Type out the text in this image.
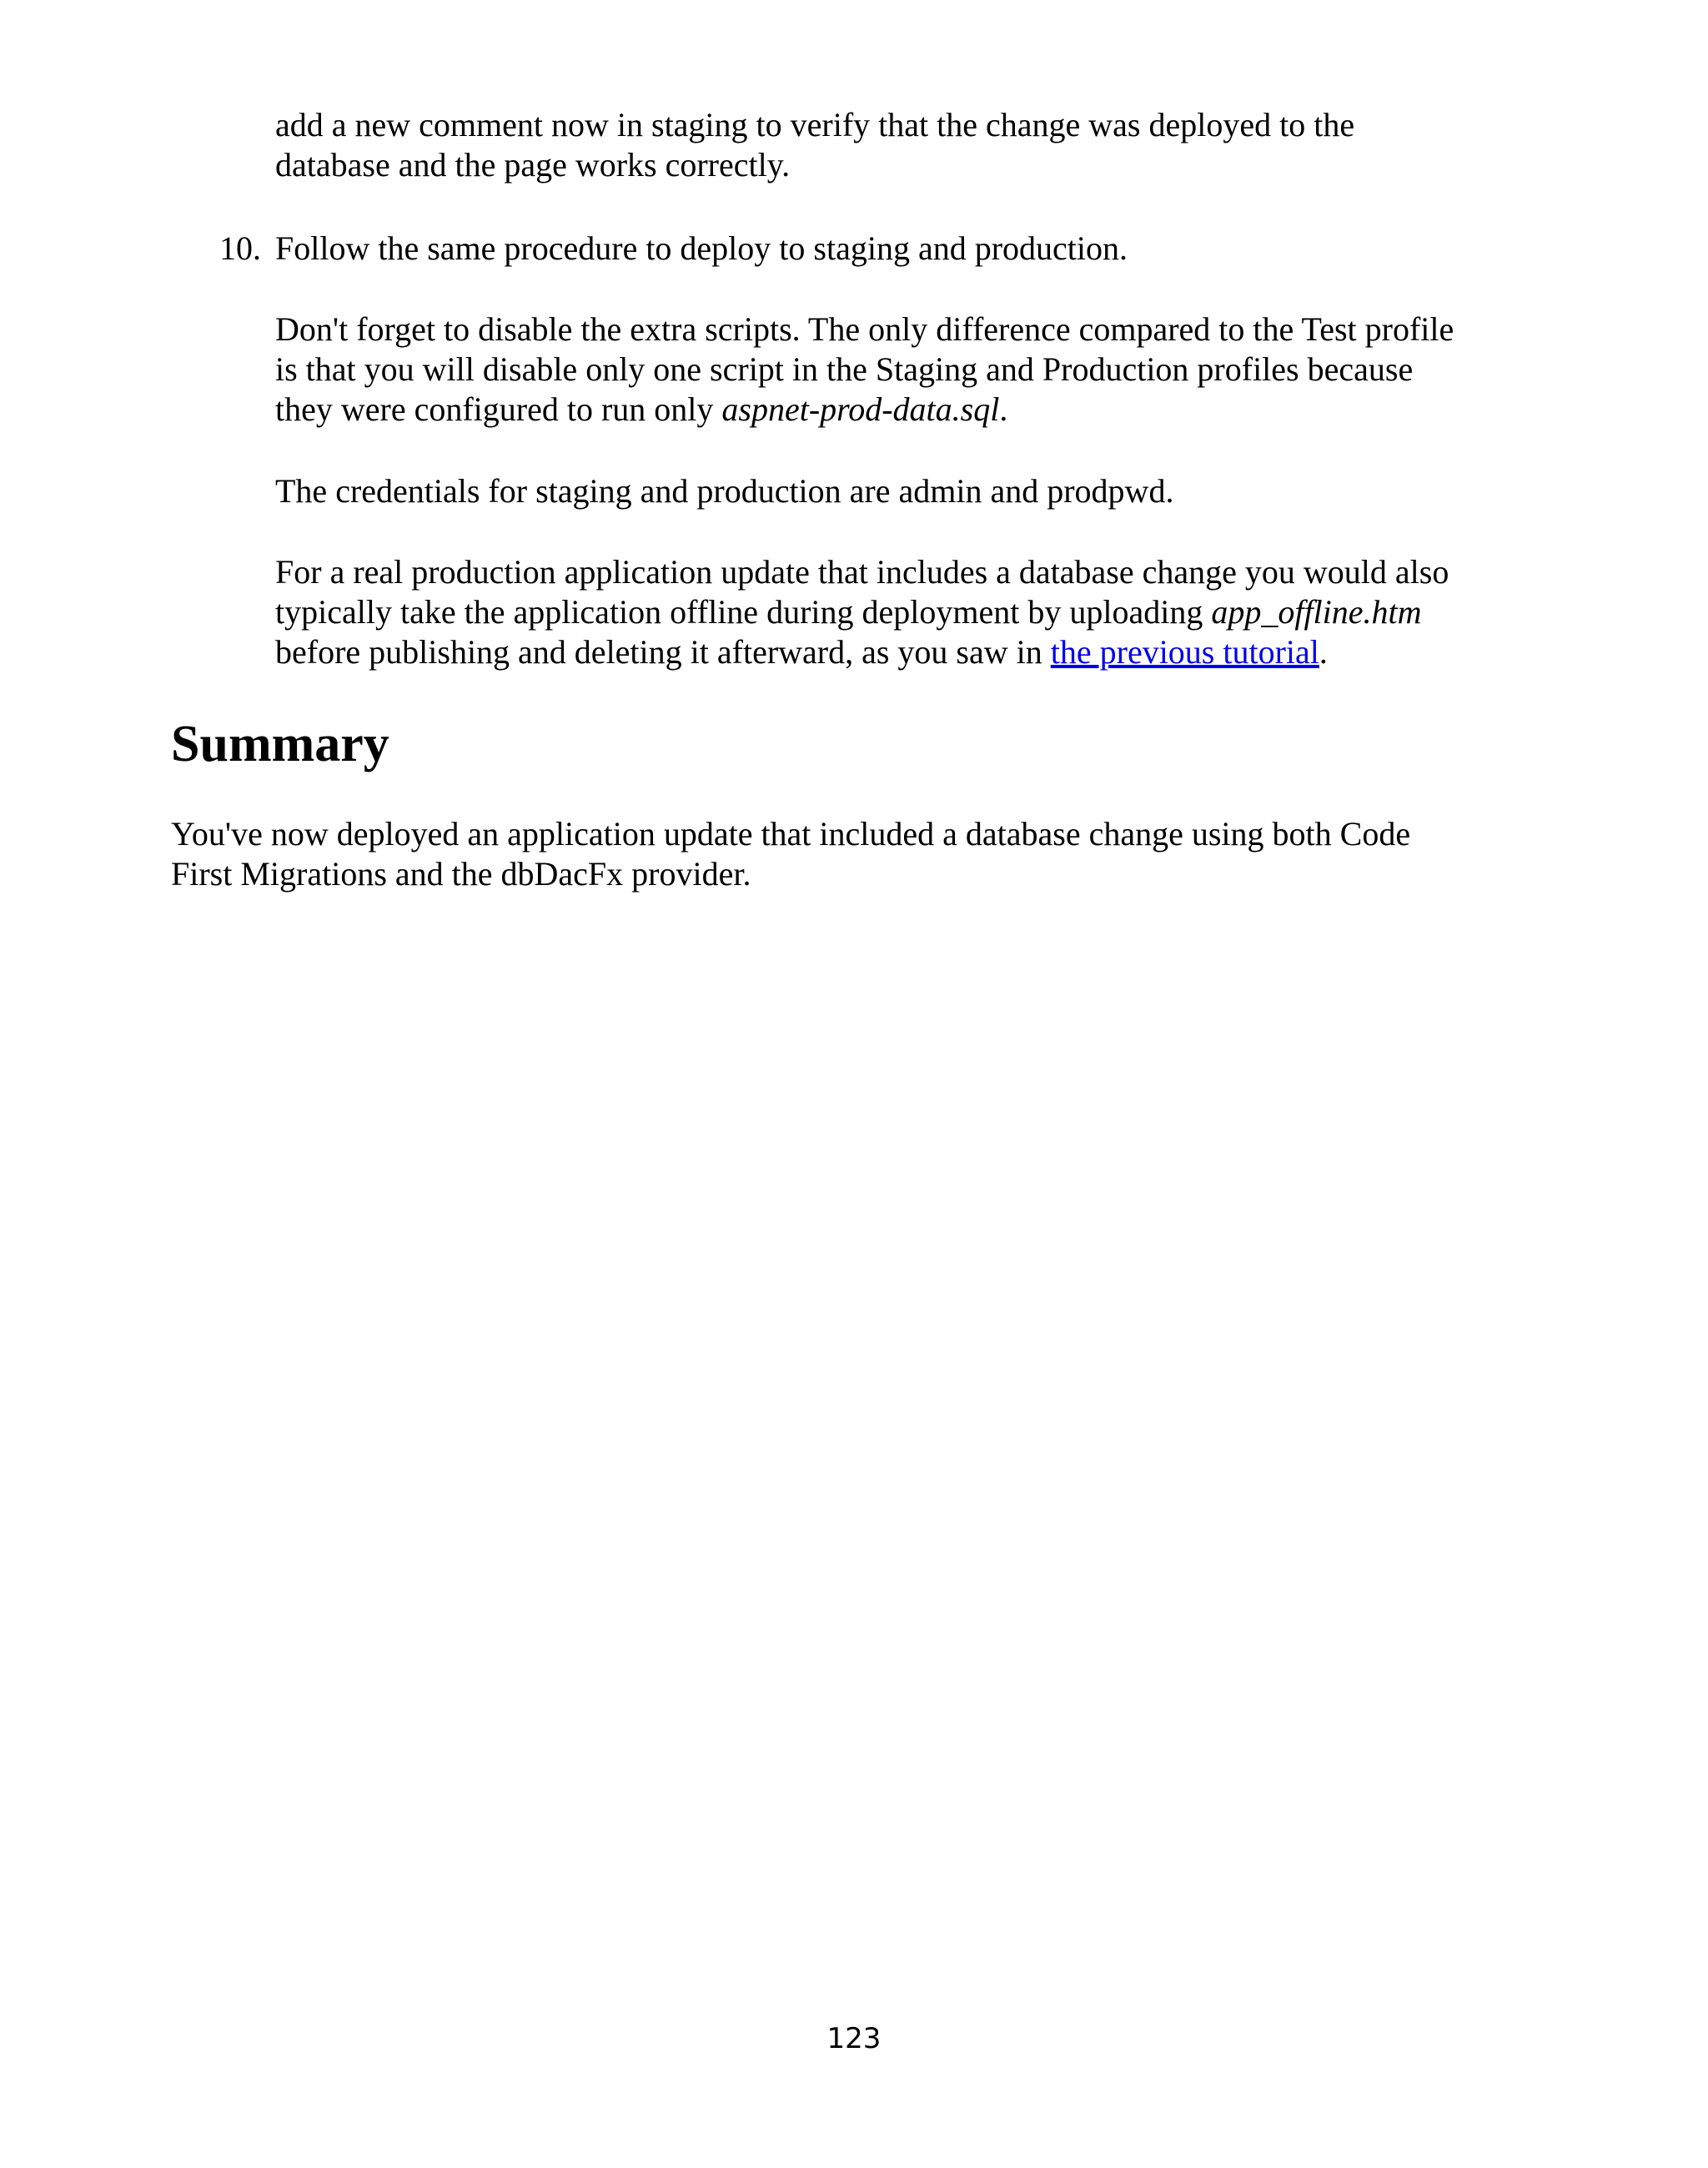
add a new comment now in staging to verify that the change was deployed to the
database and the page works correctly.

10. Follow the same procedure to deploy to staging and production.

Don't forget to disable the extra scripts. The only difference compared to the Test profile
is that you will disable only one script in the Staging and Production profiles because
they were configured to run only aspnet-prod-data.sql.

The credentials for staging and production are admin and prodpwd.

For a real production application update that includes a database change you would also
typically take the application offline during deployment by uploading app_offline.htm
before publishing and deleting it afterward, as you saw in the previous tutorial.

Summary

You've now deployed an application update that included a database change using both Code
First Migrations and the dbDacFx provider.

123
